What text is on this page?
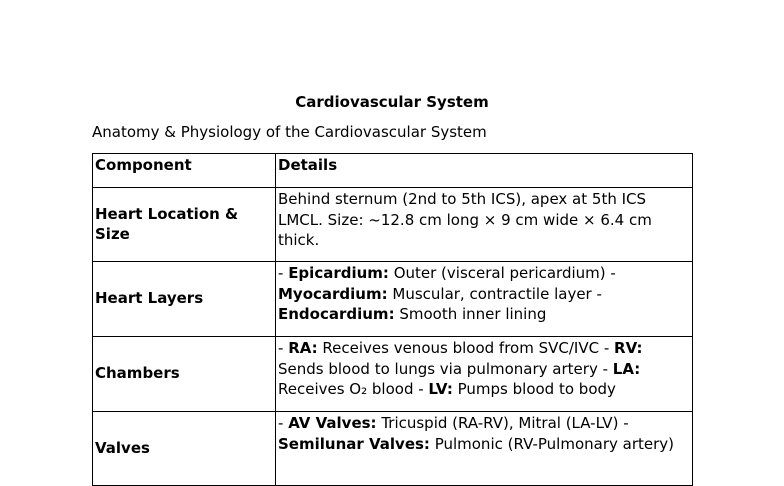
Cardiovascular System
Anatomy & Physiology of the Cardiovascular System
Component	Details
Heart Location & Size	Behind sternum (2nd to 5th ICS), apex at 5th ICS LMCL. Size: ~12.8 cm long × 9 cm wide × 6.4 cm thick.
Heart Layers	- Epicardium: Outer (visceral pericardium) - Myocardium: Muscular, contractile layer - Endocardium: Smooth inner lining
Chambers	- RA: Receives venous blood from SVC/IVC - RV: Sends blood to lungs via pulmonary artery - LA: Receives O₂ blood - LV: Pumps blood to body
Valves	- AV Valves: Tricuspid (RA-RV), Mitral (LA-LV) - Semilunar Valves: Pulmonic (RV-Pulmonary artery)
